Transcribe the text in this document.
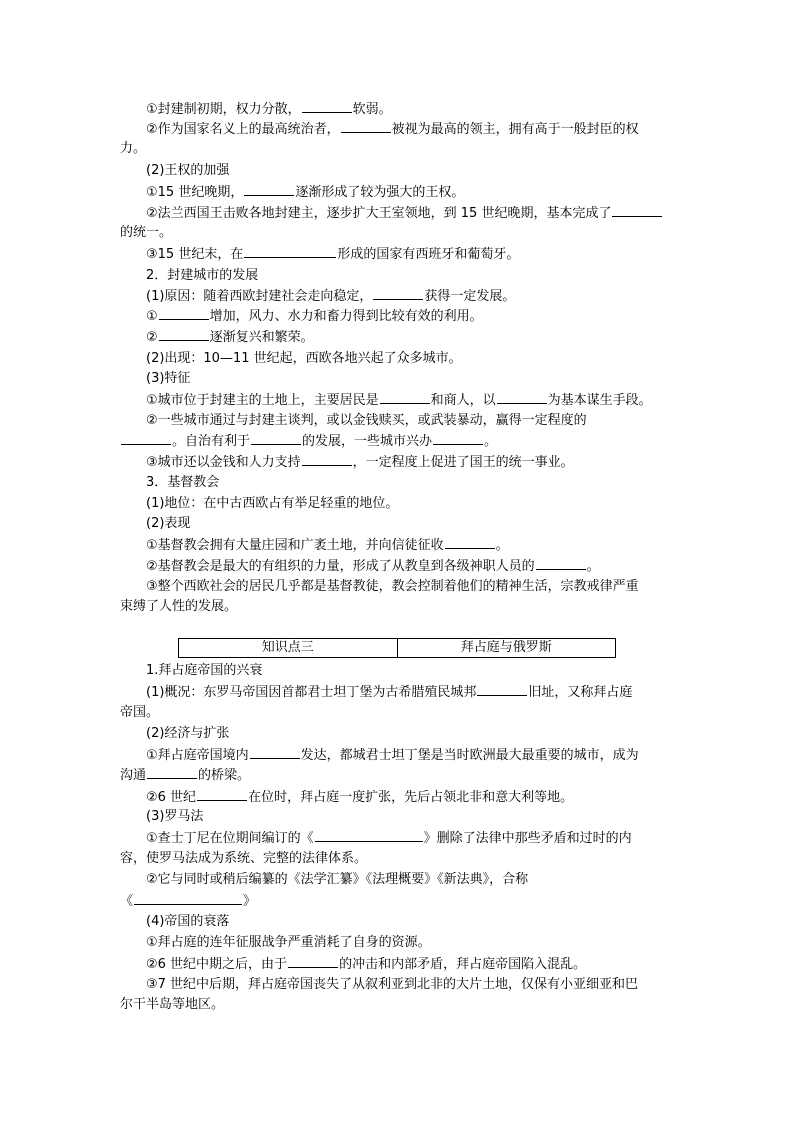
①封建制初期，权力分散，	软弱。
②作为国家名义上的最高统治者，	被视为最高的领主，拥有高于一般封臣的权
力。
(2)王权的加强
①15 世纪晚期，	逐渐形成了较为强大的王权。
②法兰西国王击败各地封建主，逐步扩大王室领地，到 15 世纪晚期，基本完成了
的统一。
③15 世纪末，在	形成的国家有西班牙和葡萄牙。
2．封建城市的发展
(1)原因：随着西欧封建社会走向稳定，	获得一定发展。
①	增加，风力、水力和畜力得到比较有效的利用。
②	逐渐复兴和繁荣。
(2)出现：10—11 世纪起，西欧各地兴起了众多城市。
(3)特征
①城市位于封建主的土地上，主要居民是	和商人，以	为基本谋生手段。
②一些城市通过与封建主谈判，或以金钱赎买，或武装暴动，赢得一定程度的
。自治有利于	的发展，一些城市兴办	。
③城市还以金钱和人力支持	，一定程度上促进了国王的统一事业。
3．基督教会
(1)地位：在中古西欧占有举足轻重的地位。
(2)表现
①基督教会拥有大量庄园和广袤土地，并向信徒征收	。
②基督教会是最大的有组织的力量，形成了从教皇到各级神职人员的	。
③整个西欧社会的居民几乎都是基督教徒，教会控制着他们的精神生活，宗教戒律严重
束缚了人性的发展。
知识点三	拜占庭与俄罗斯
1.拜占庭帝国的兴衰
(1)概况：东罗马帝国因首都君士坦丁堡为古希腊殖民城邦	旧址，又称拜占庭
帝国。
(2)经济与扩张
①拜占庭帝国境内	发达，都城君士坦丁堡是当时欧洲最大最重要的城市，成为
沟通	的桥梁。
②6 世纪	在位时，拜占庭一度扩张，先后占领北非和意大利等地。
(3)罗马法
①查士丁尼在位期间编订的《	》删除了法律中那些矛盾和过时的内
容，使罗马法成为系统、完整的法律体系。
②它与同时或稍后编纂的《法学汇纂》《法理概要》《新法典》，合称
《	》
(4)帝国的衰落
①拜占庭的连年征服战争严重消耗了自身的资源。
②6 世纪中期之后，由于	的冲击和内部矛盾，拜占庭帝国陷入混乱。
③7 世纪中后期，拜占庭帝国丧失了从叙利亚到北非的大片土地，仅保有小亚细亚和巴
尔干半岛等地区。
